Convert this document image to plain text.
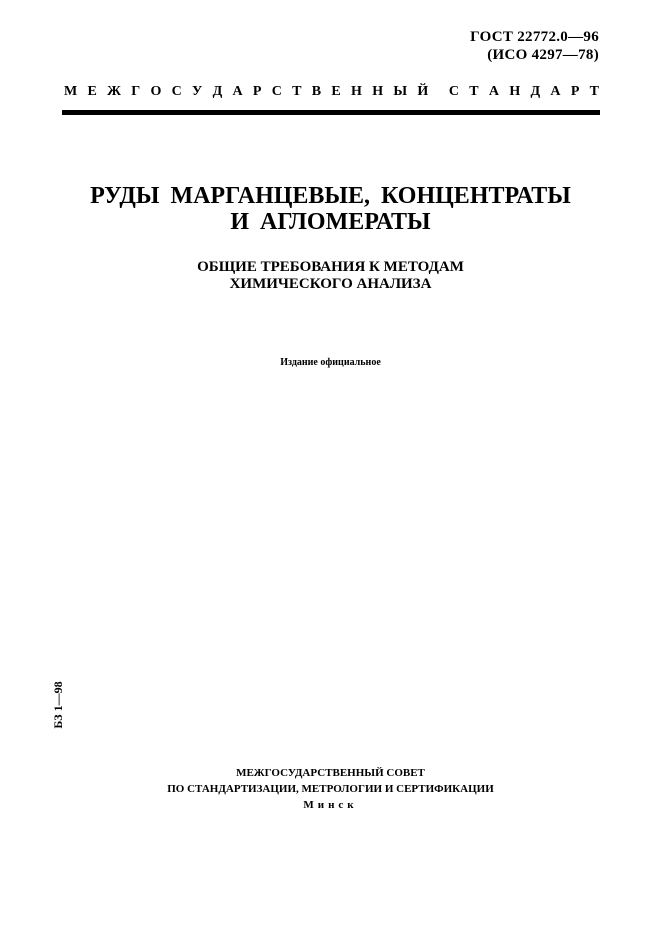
ГОСТ 22772.0—96
(ИСО 4297—78)
М Е Ж Г О С У Д А Р С Т В Е Н Н Ы Й С Т А Н Д А Р Т
РУДЫ МАРГАНЦЕВЫЕ, КОНЦЕНТРАТЫ
И АГЛОМЕРАТЫ
ОБЩИЕ ТРЕБОВАНИЯ К МЕТОДАМ
ХИМИЧЕСКОГО АНАЛИЗА
Издание официальное
БЗ 1—98
МЕЖГОСУДАРСТВЕННЫЙ СОВЕТ
ПО СТАНДАРТИЗАЦИИ, МЕТРОЛОГИИ И СЕРТИФИКАЦИИ
Минск
